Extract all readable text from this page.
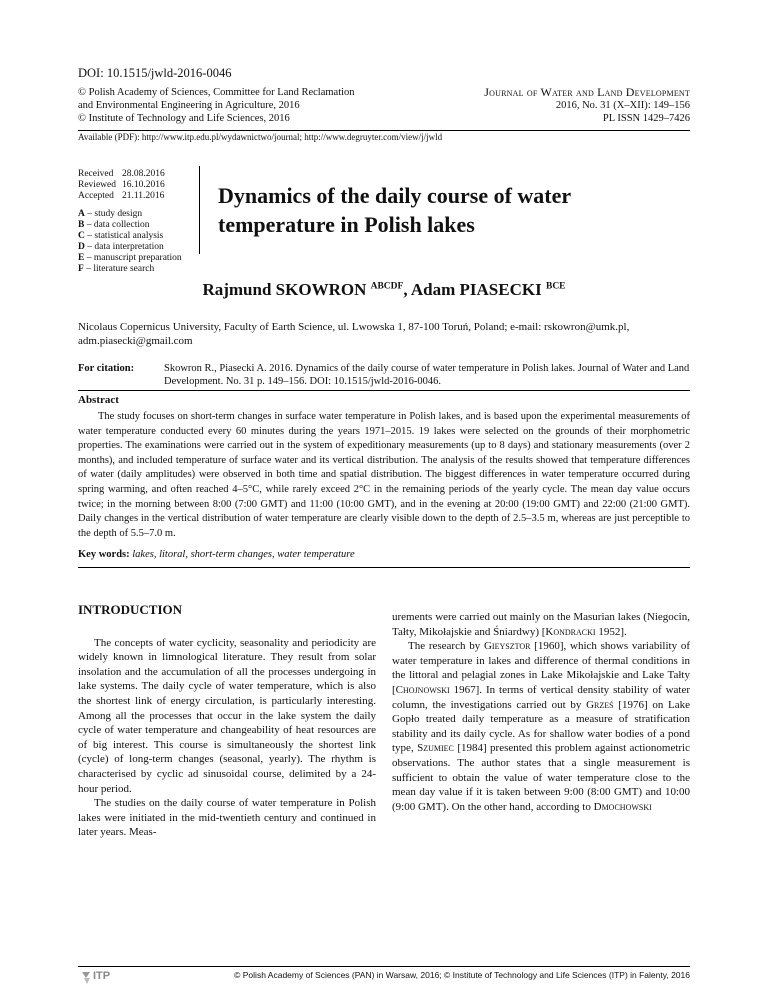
DOI: 10.1515/jwld-2016-0046
© Polish Academy of Sciences, Committee for Land Reclamation
and Environmental Engineering in Agriculture, 2016
© Institute of Technology and Life Sciences, 2016
Journal of Water and Land Development
2016, No. 31 (X–XII): 149–156
PL ISSN 1429–7426
Available (PDF): http://www.itp.edu.pl/wydawnictwo/journal; http://www.degruyter.com/view/j/jwld
Received	28.08.2016
Reviewed	16.10.2016
Accepted	21.11.2016
A – study design
B – data collection
C – statistical analysis
D – data interpretation
E – manuscript preparation
F – literature search
Dynamics of the daily course of water temperature in Polish lakes
Rajmund SKOWRON $^{ABCDF}$, Adam PIASECKI $^{BCE}$
Nicolaus Copernicus University, Faculty of Earth Science, ul. Lwowska 1, 87-100 Toruń, Poland; e-mail: rskowron@umk.pl, adm.piasecki@gmail.com
For citation:	Skowron R., Piasecki A. 2016. Dynamics of the daily course of water temperature in Polish lakes. Journal of Water and Land Development. No. 31 p. 149–156. DOI: 10.1515/jwld-2016-0046.
Abstract
The study focuses on short-term changes in surface water temperature in Polish lakes, and is based upon the experimental measurements of water temperature conducted every 60 minutes during the years 1971–2015. 19 lakes were selected on the grounds of their morphometric properties. The examinations were carried out in the system of expeditionary measurements (up to 8 days) and stationary measurements (over 2 months), and included temperature of surface water and its vertical distribution. The analysis of the results showed that temperature differences of water (daily amplitudes) were observed in both time and spatial distribution. The biggest differences in water temperature occurred during spring warming, and often reached 4–5°C, while rarely exceed 2°C in the remaining periods of the yearly cycle. The mean day value occurs twice; in the morning between 8:00 (7:00 GMT) and 11:00 (10:00 GMT), and in the evening at 20:00 (19:00 GMT) and 22:00 (21:00 GMT). Daily changes in the vertical distribution of water temperature are clearly visible down to the depth of 2.5–3.5 m, whereas are just perceptible to the depth of 5.5–7.0 m.
Key words: lakes, litoral, short-term changes, water temperature
INTRODUCTION

The concepts of water cyclicity, seasonality and periodicity are widely known in limnological literature. They result from solar insolation and the accumulation of all the processes undergoing in lake systems. The daily cycle of water temperature, which is also the shortest link of energy circulation, is particularly interesting. Among all the processes that occur in the lake system the daily cycle of water temperature and changeability of heat resources are of big interest. This course is simultaneously the shortest link (cycle) of long-term changes (seasonal, yearly). The rhythm is characterised by cyclic ad sinusoidal course, delimited by a 24-hour period.

The studies on the daily course of water temperature in Polish lakes were initiated in the mid-twentieth century and continued in later years. Meas-

urements were carried out mainly on the Masurian lakes (Niegocin, Tałty, Mikołajskie and Śniardwy) [Kondracki 1952].

The research by Gieysztor [1960], which shows variability of water temperature in lakes and difference of thermal conditions in the littoral and pelagial zones in Lake Mikołajskie and Lake Tałty [Chojnowski 1967]. In terms of vertical density stability of water column, the investigations carried out by Grześ [1976] on Lake Gopło treated daily temperature as a measure of stratification stability and its daily cycle. As for shallow water bodies of a pond type, Szumiec [1984] presented this problem against actionometric observations. The author states that a single measurement is sufficient to obtain the value of water temperature close to the mean day value if it is taken between 9:00 (8:00 GMT) and 10:00 (9:00 GMT). On the other hand, according to Dmochowski

ITP	© Polish Academy of Sciences (PAN) in Warsaw, 2016; © Institute of Technology and Life Sciences (ITP) in Falenty, 2016
